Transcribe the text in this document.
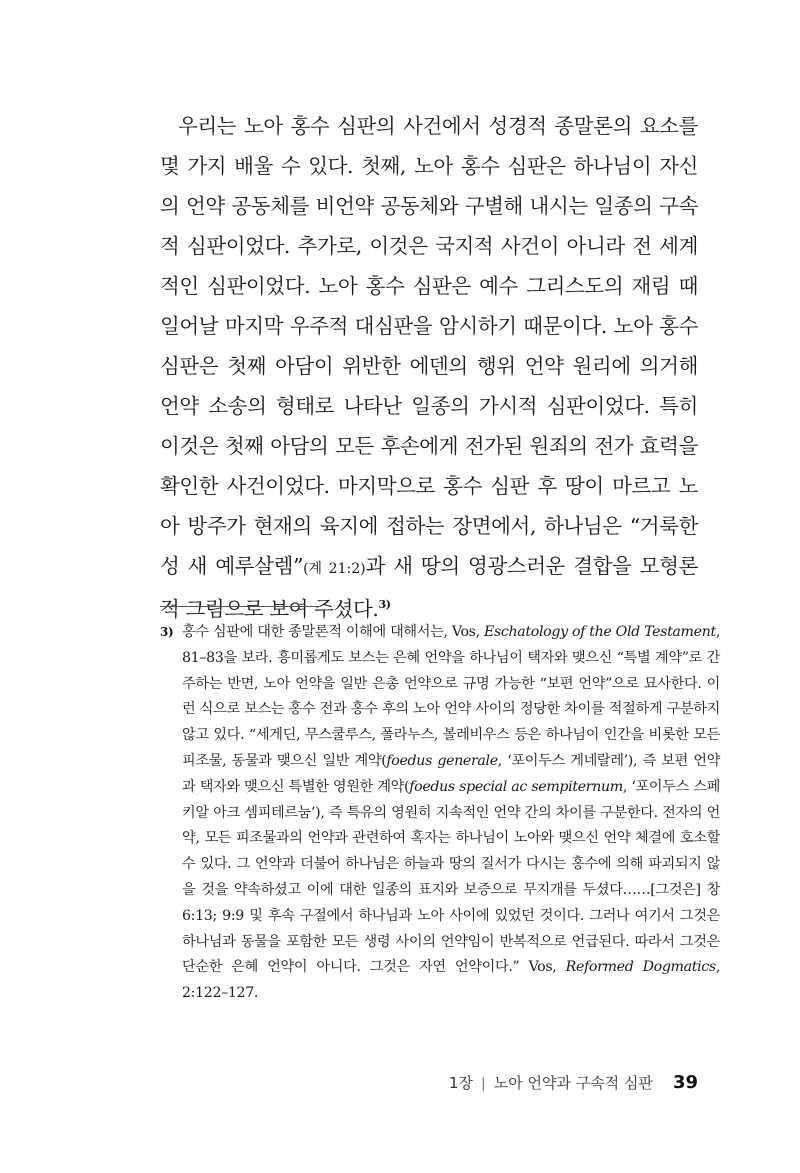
우리는 노아 홍수 심판의 사건에서 성경적 종말론의 요소를 몇 가지 배울 수 있다. 첫째, 노아 홍수 심판은 하나님이 자신의 언약 공동체를 비언약 공동체와 구별해 내시는 일종의 구속적 심판이었다. 추가로, 이것은 국지적 사건이 아니라 전 세계적인 심판이었다. 노아 홍수 심판은 예수 그리스도의 재림 때 일어날 마지막 우주적 대심판을 암시하기 때문이다. 노아 홍수 심판은 첫째 아담이 위반한 에덴의 행위 언약 원리에 의거해 언약 소송의 형태로 나타난 일종의 가시적 심판이었다. 특히 이것은 첫째 아담의 모든 후손에게 전가된 원죄의 전가 효력을 확인한 사건이었다. 마지막으로 홍수 심판 후 땅이 마르고 노아 방주가 현재의 육지에 접하는 장면에서, 하나님은 “거룩한 성 새 예루살렘”(계 21:2)과 새 땅의 영광스러운 결합을 모형론적 그림으로 보여 주셨다.$^{3)}$

3) 홍수 심판에 대한 종말론적 이해에 대해서는, Vos, Eschatology of the Old Testament, 81–83을 보라. 흥미롭게도 보스는 은혜 언약을 하나님이 택자와 맺으신 “특별 계약”로 간주하는 반면, 노아 언약을 일반 은총 언약으로 규명 가능한 “보편 언약”으로 묘사한다. 이런 식으로 보스는 홍수 전과 홍수 후의 노아 언약 사이의 정당한 차이를 적절하게 구분하지 않고 있다. “세게딘, 무스쿨루스, 폴라누스, 볼레비우스 등은 하나님이 인간을 비롯한 모든 피조물, 동물과 맺으신 일반 계약(foedus generale, ‘포이두스 게네랄레’), 즉 보편 언약과 택자와 맺으신 특별한 영원한 계약(foedus special ac sempiternum, ‘포이두스 스페키알 아크 셈피테르눔’), 즉 특유의 영원히 지속적인 언약 간의 차이를 구분한다. 전자의 언약, 모든 피조물과의 언약과 관련하여 혹자는 하나님이 노아와 맺으신 언약 체결에 호소할 수 있다. 그 언약과 더불어 하나님은 하늘과 땅의 질서가 다시는 홍수에 의해 파괴되지 않을 것을 약속하셨고 이에 대한 일종의 표지와 보증으로 무지개를 두셨다……[그것은] 창 6:13; 9:9 및 후속 구절에서 하나님과 노아 사이에 있었던 것이다. 그러나 여기서 그것은 하나님과 동물을 포함한 모든 생령 사이의 언약임이 반복적으로 언급된다. 따라서 그것은 단순한 은혜 언약이 아니다. 그것은 자연 언약이다.” Vos, Reformed Dogmatics, 2:122–127.

1장 | 노아 언약과 구속적 심판 39
